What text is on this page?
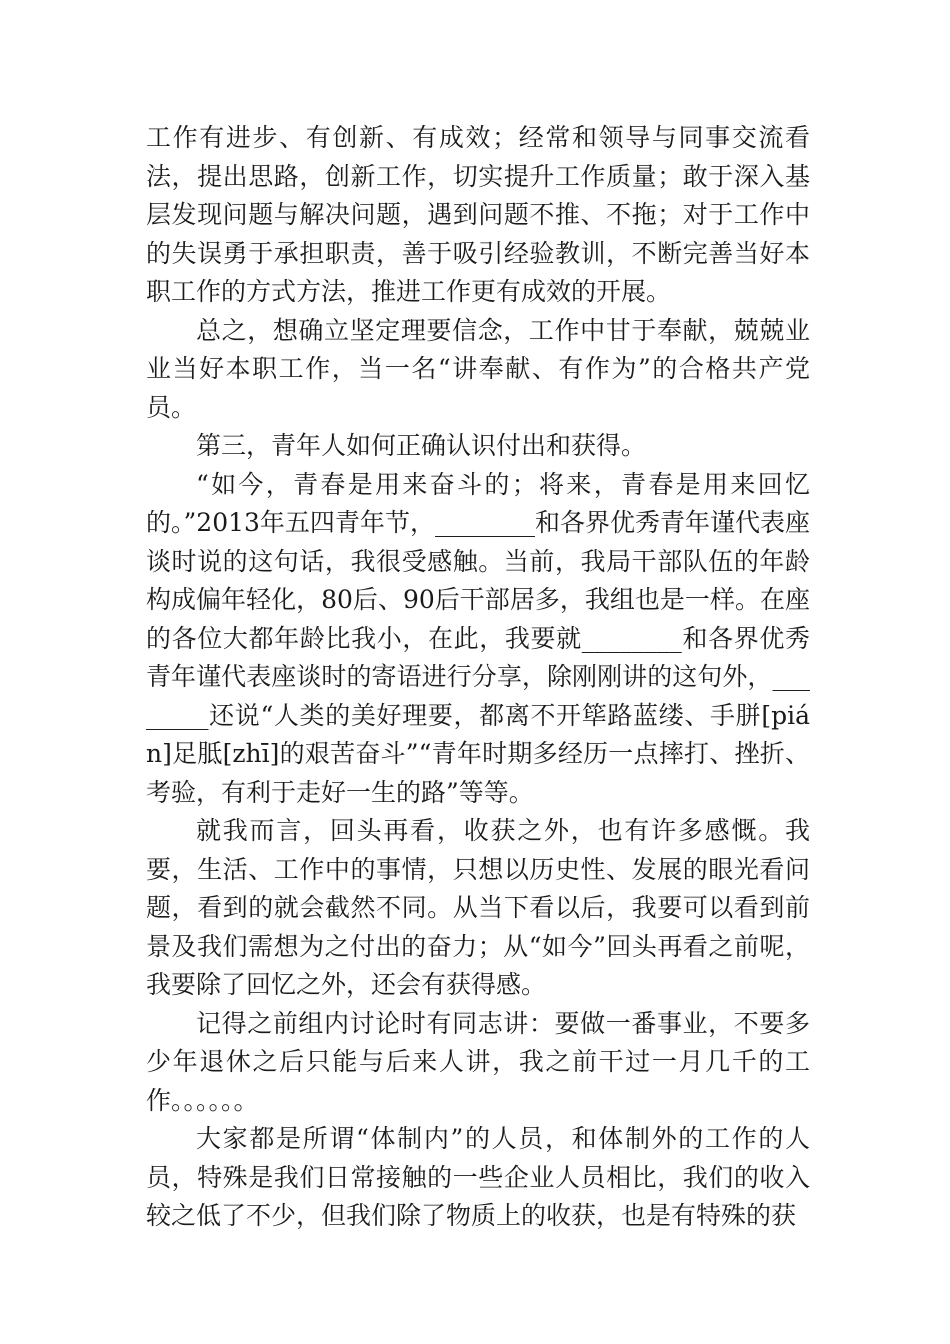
工作有进步、有创新、有成效；经常和领导与同事交流看法，提出思路，创新工作，切实提升工作质量；敢于深入基层发现问题与解决问题，遇到问题不推、不拖；对于工作中的失误勇于承担职责，善于吸引经验教训，不断完善当好本职工作的方式方法，推进工作更有成效的开展。

总之，想确立坚定理要信念，工作中甘于奉献，兢兢业业当好本职工作，当一名“讲奉献、有作为”的合格共产党员。

第三，青年人如何正确认识付出和获得。

“如今，青春是用来奋斗的；将来，青春是用来回忆的。”2013年五四青年节，________和各界优秀青年谨代表座谈时说的这句话，我很受感触。当前，我局干部队伍的年龄构成偏年轻化，80后、90后干部居多，我组也是一样。在座的各位大都年龄比我小，在此，我要就________和各界优秀青年谨代表座谈时的寄语进行分享，除刚刚讲的这句外，________还说“人类的美好理要，都离不开筚路蓝缕、手胼[piá n]足胝[zhī]的艰苦奋斗”“青年时期多经历一点摔打、挫折、考验，有利于走好一生的路”等等。

就我而言，回头再看，收获之外，也有许多感慨。我要，生活、工作中的事情，只想以历史性、发展的眼光看问题，看到的就会截然不同。从当下看以后，我要可以看到前景及我们需想为之付出的奋力；从“如今”回头再看之前呢，我要除了回忆之外，还会有获得感。

记得之前组内讨论时有同志讲：要做一番事业，不要多少年退休之后只能与后来人讲，我之前干过一月几千的工作。。。。。。

大家都是所谓“体制内”的人员，和体制外的工作的人员，特殊是我们日常接触的一些企业人员相比，我们的收入较之低了不少，但我们除了物质上的收获，也是有特殊的获
